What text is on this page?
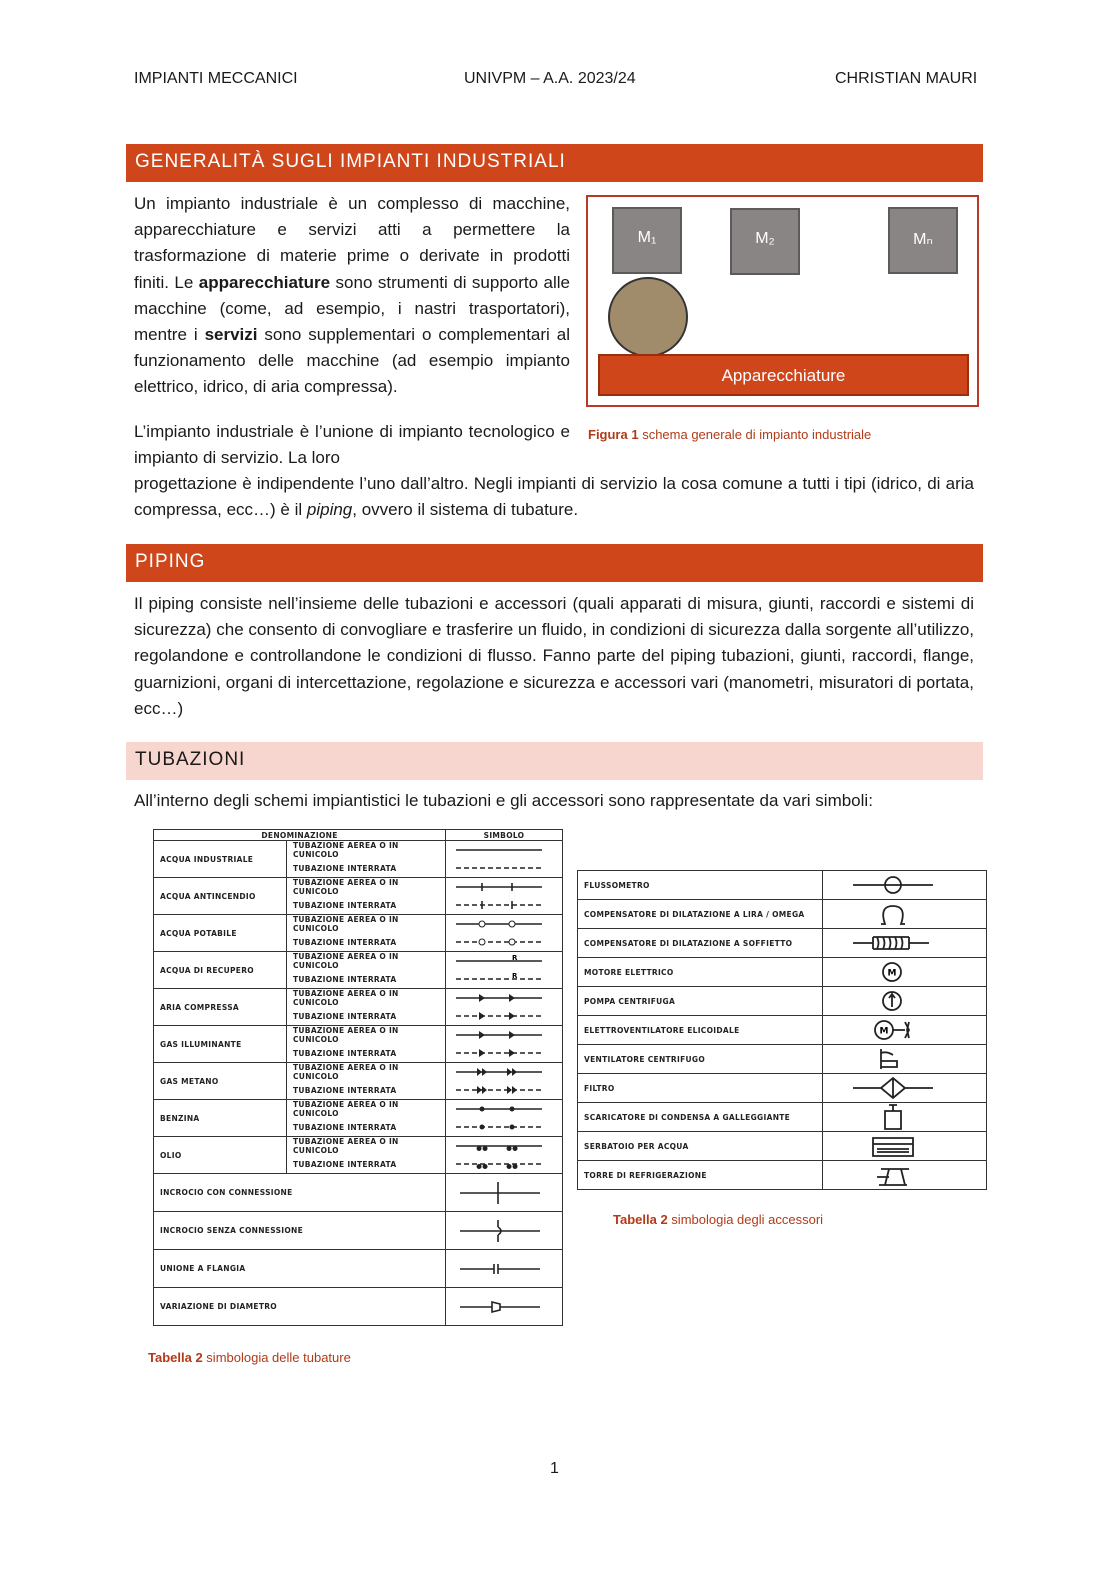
IMPIANTI MECCANICI	UNIVPM – A.A. 2023/24	CHRISTIAN MAURI
GENERALITÀ SUGLI IMPIANTI INDUSTRIALI
Un impianto industriale è un complesso di macchine, apparecchiature e servizi atti a permettere la trasformazione di materie prime o derivate in prodotti finiti. Le apparecchiature sono strumenti di supporto alle macchine (come, ad esempio, i nastri trasportatori), mentre i servizi sono supplementari o complementari al funzionamento delle macchine (ad esempio impianto elettrico, idrico, di aria compressa).
M₁	M₂	Mₙ
Apparecchiature
Figura 1 schema generale di impianto industriale
L’impianto industriale è l’unione di impianto tecnologico e impianto di servizio. La loro
progettazione è indipendente l’uno dall’altro. Negli impianti di servizio la cosa comune a tutti i tipi (idrico, di aria compressa, ecc…) è il piping, ovvero il sistema di tubature.
PIPING
Il piping consiste nell’insieme delle tubazioni e accessori (quali apparati di misura, giunti, raccordi e sistemi di sicurezza) che consento di convogliare e trasferire un fluido, in condizioni di sicurezza dalla sorgente all’utilizzo, regolandone e controllandone le condizioni di flusso. Fanno parte del piping tubazioni, giunti, raccordi, flange, guarnizioni, organi di intercettazione, regolazione e sicurezza e accessori vari (manometri, misuratori di portata, ecc…)
TUBAZIONI
All’interno degli schemi impiantistici le tubazioni e gli accessori sono rappresentate da vari simboli:
DENOMINAZIONE		SIMBOLO
ACQUA INDUSTRIALE	TUBAZIONE AEREA O IN CUNICOLO	

	TUBAZIONE INTERRATA	

ACQUA ANTINCENDIO	TUBAZIONE AEREA O IN CUNICOLO	

	TUBAZIONE INTERRATA	

ACQUA POTABILE	TUBAZIONE AEREA O IN CUNICOLO	

	TUBAZIONE INTERRATA	

ACQUA DI RECUPERO	TUBAZIONE AEREA O IN CUNICOLO	R

	TUBAZIONE INTERRATA	R

ARIA COMPRESSA	TUBAZIONE AEREA O IN CUNICOLO	

	TUBAZIONE INTERRATA	

GAS ILLUMINANTE	TUBAZIONE AEREA O IN CUNICOLO	

	TUBAZIONE INTERRATA	

GAS METANO	TUBAZIONE AEREA O IN CUNICOLO	

	TUBAZIONE INTERRATA	

BENZINA	TUBAZIONE AEREA O IN CUNICOLO	

	TUBAZIONE INTERRATA	

OLIO	TUBAZIONE AEREA O IN CUNICOLO	

	TUBAZIONE INTERRATA	

INCROCIO CON CONNESSIONE	

INCROCIO SENZA CONNESSIONE	

UNIONE A FLANGIA	

VARIAZIONE DI DIAMETRO	
Tabella 2 simbologia delle tubature
FLUSSOMETRO	

COMPENSATORE DI DILATAZIONE A LIRA / OMEGA	

COMPENSATORE DI DILATAZIONE A SOFFIETTO	

MOTORE ELETTRICO	M

POMPA CENTRIFUGA	

ELETTROVENTILATORE ELICOIDALE	M

VENTILATORE CENTRIFUGO	

FILTRO	

SCARICATORE DI CONDENSA A GALLEGGIANTE	

SERBATOIO PER ACQUA	

TORRE DI REFRIGERAZIONE	
Tabella 2 simbologia degli accessori
1
